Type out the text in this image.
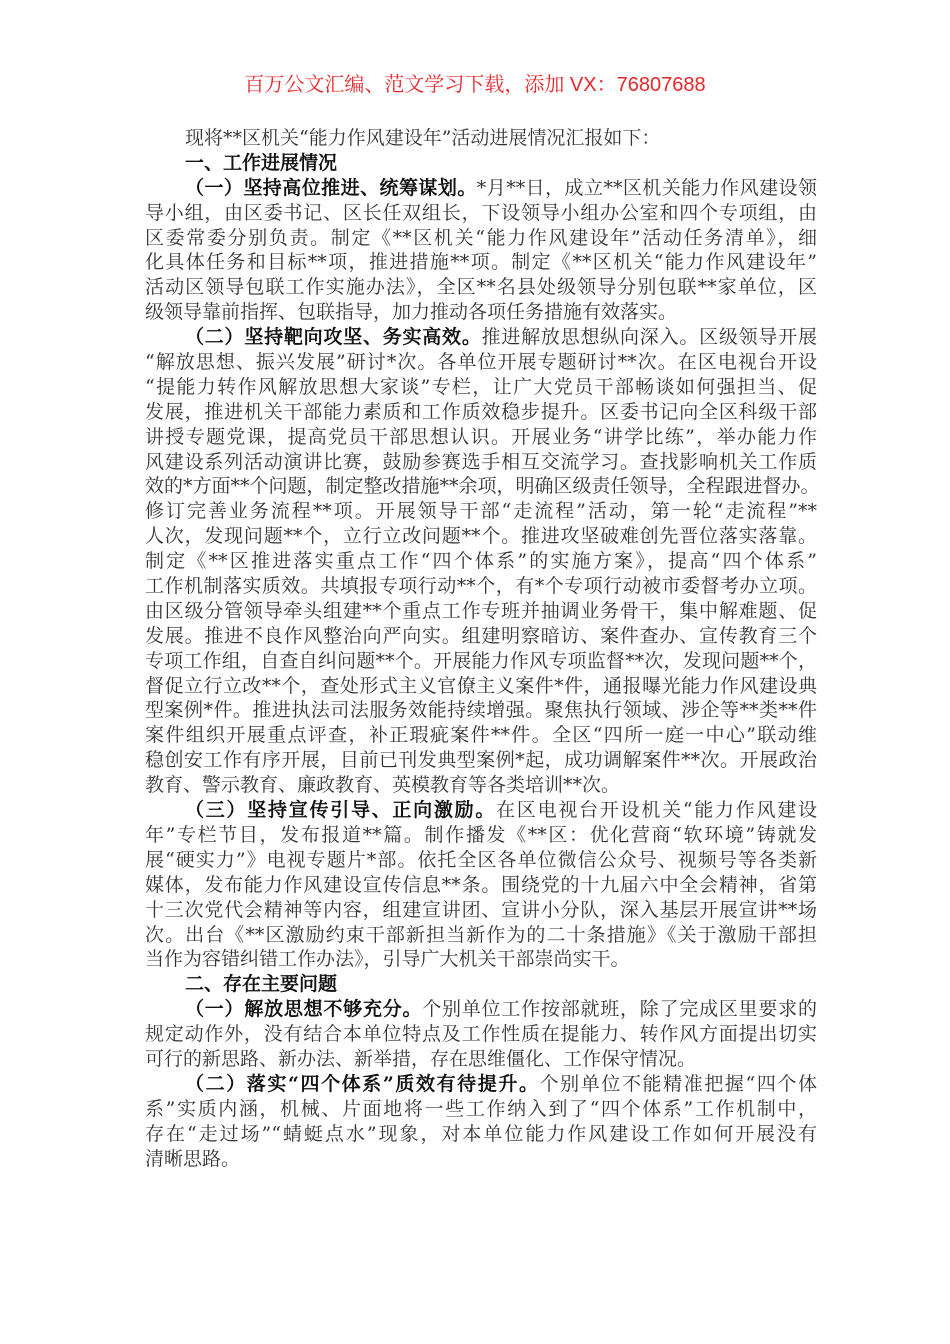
百万公文汇编、范文学习下载，添加 VX：76807688
现将**区机关“能力作风建设年”活动进展情况汇报如下：
一、工作进展情况
（一）坚持高位推进、统筹谋划。*月**日，成立**区机关能力作风建设领
导小组，由区委书记、区长任双组长，下设领导小组办公室和四个专项组，由
区委常委分别负责。制定《**区机关“能力作风建设年”活动任务清单》，细
化具体任务和目标**项，推进措施**项。制定《**区机关“能力作风建设年”
活动区领导包联工作实施办法》，全区**名县处级领导分别包联**家单位，区
级领导靠前指挥、包联指导，加力推动各项任务措施有效落实。
（二）坚持靶向攻坚、务实高效。推进解放思想纵向深入。区级领导开展
“解放思想、振兴发展”研讨*次。各单位开展专题研讨**次。在区电视台开设
“提能力转作风解放思想大家谈”专栏，让广大党员干部畅谈如何强担当、促
发展，推进机关干部能力素质和工作质效稳步提升。区委书记向全区科级干部
讲授专题党课，提高党员干部思想认识。开展业务“讲学比练”，举办能力作
风建设系列活动演讲比赛，鼓励参赛选手相互交流学习。查找影响机关工作质
效的*方面**个问题，制定整改措施**余项，明确区级责任领导，全程跟进督办。
修订完善业务流程**项。开展领导干部“走流程”活动，第一轮“走流程”**
人次，发现问题**个，立行立改问题**个。推进攻坚破难创先晋位落实落靠。
制定《**区推进落实重点工作“四个体系”的实施方案》，提高“四个体系”
工作机制落实质效。共填报专项行动**个，有*个专项行动被市委督考办立项。
由区级分管领导牵头组建**个重点工作专班并抽调业务骨干，集中解难题、促
发展。推进不良作风整治向严向实。组建明察暗访、案件查办、宣传教育三个
专项工作组，自查自纠问题**个。开展能力作风专项监督**次，发现问题**个，
督促立行立改**个，查处形式主义官僚主义案件*件，通报曝光能力作风建设典
型案例*件。推进执法司法服务效能持续增强。聚焦执行领域、涉企等**类**件
案件组织开展重点评查，补正瑕疵案件**件。全区“四所一庭一中心”联动维
稳创安工作有序开展，目前已刊发典型案例*起，成功调解案件**次。开展政治
教育、警示教育、廉政教育、英模教育等各类培训**次。
（三）坚持宣传引导、正向激励。在区电视台开设机关“能力作风建设
年”专栏节目，发布报道**篇。制作播发《**区：优化营商“软环境”铸就发
展“硬实力”》电视专题片*部。依托全区各单位微信公众号、视频号等各类新
媒体，发布能力作风建设宣传信息**条。围绕党的十九届六中全会精神，省第
十三次党代会精神等内容，组建宣讲团、宣讲小分队，深入基层开展宣讲**场
次。出台《**区激励约束干部新担当新作为的二十条措施》《关于激励干部担
当作为容错纠错工作办法》，引导广大机关干部崇尚实干。
二、存在主要问题
（一）解放思想不够充分。个别单位工作按部就班，除了完成区里要求的
规定动作外，没有结合本单位特点及工作性质在提能力、转作风方面提出切实
可行的新思路、新办法、新举措，存在思维僵化、工作保守情况。
（二）落实“四个体系”质效有待提升。个别单位不能精准把握“四个体
系”实质内涵，机械、片面地将一些工作纳入到了“四个体系”工作机制中，
存在“走过场”“蜻蜓点水”现象，对本单位能力作风建设工作如何开展没有
清晰思路。
